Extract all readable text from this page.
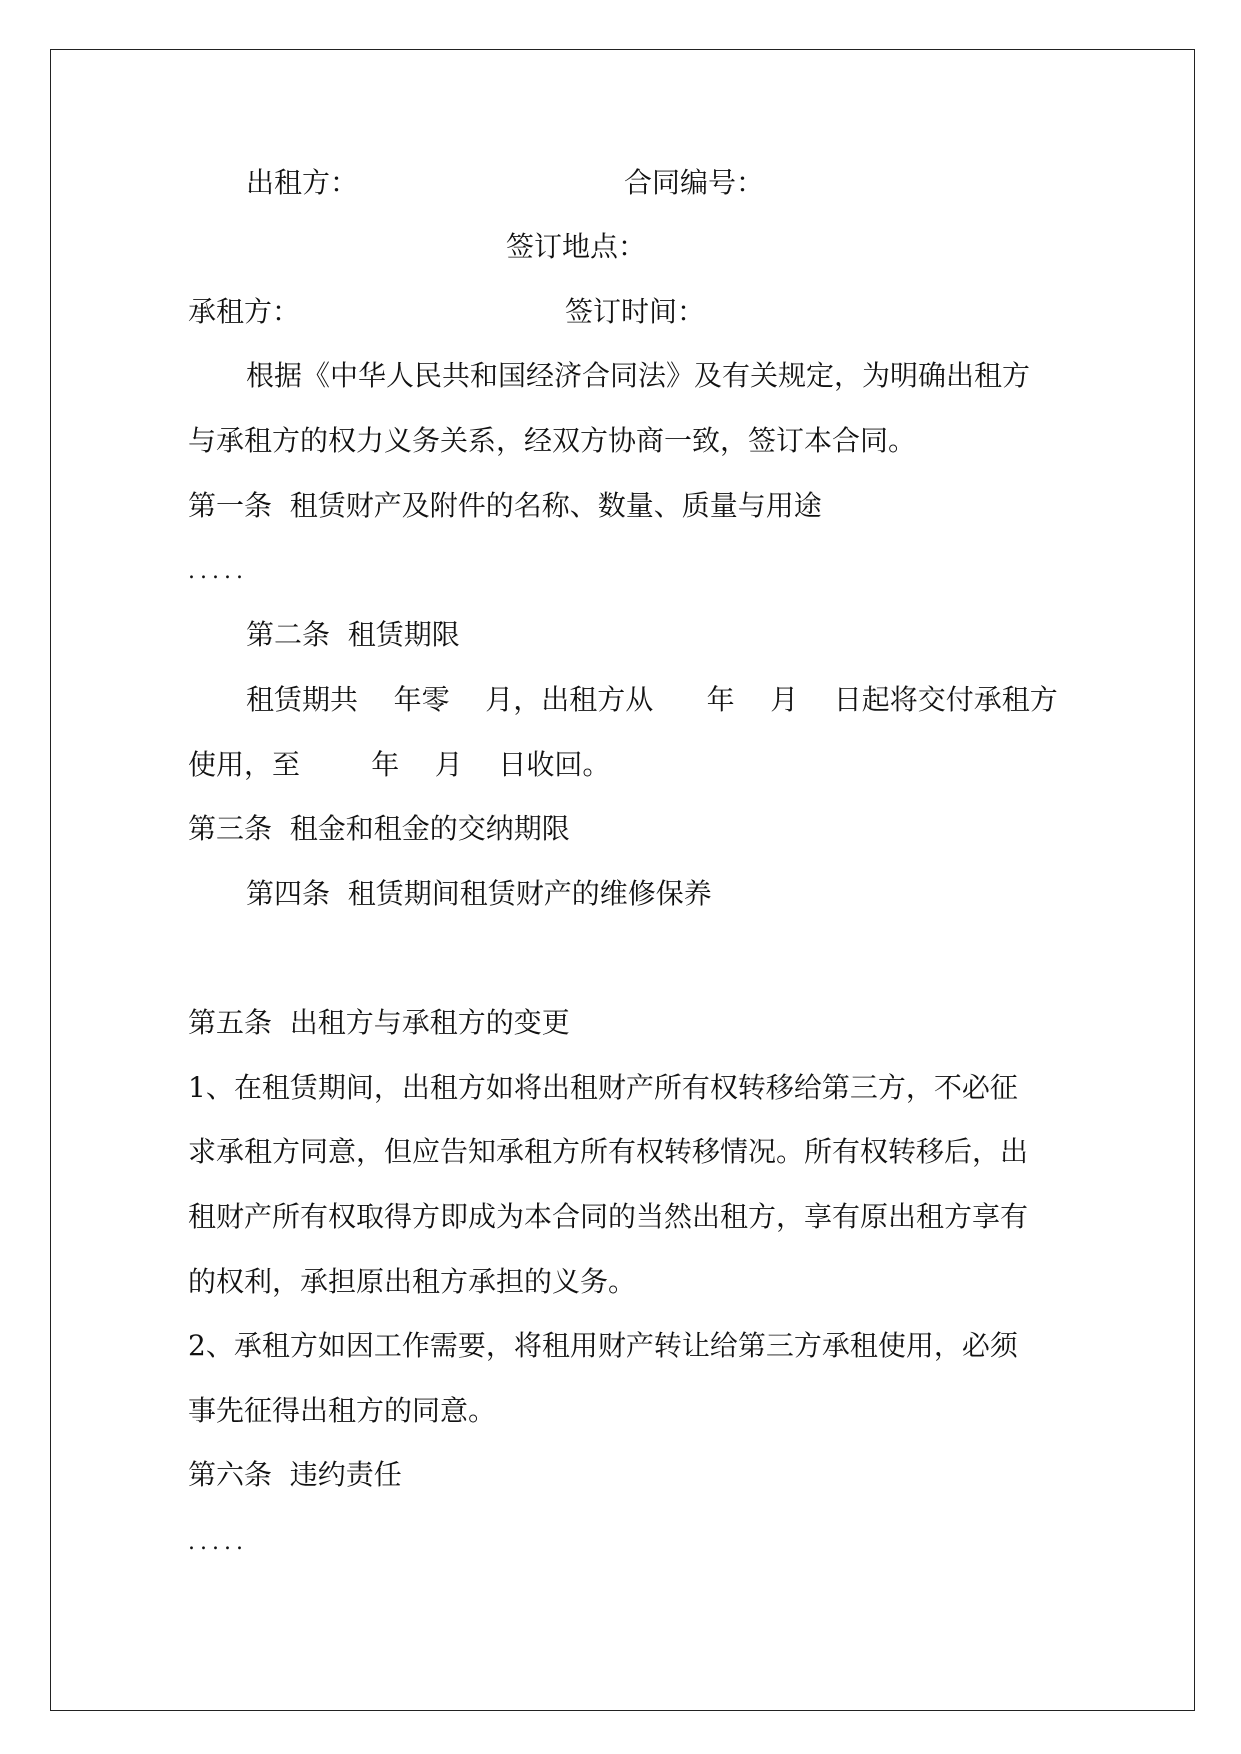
出租方：	合同编号：
签订地点：
承租方：	签订时间：
根据《中华人民共和国经济合同法》及有关规定，为明确出租方
与承租方的权力义务关系，经双方协商一致，签订本合同。
第一条  租赁财产及附件的名称、数量、质量与用途
.....
第二条  租赁期限
租赁期共    年零    月，出租方从      年    月    日起将交付承租方
使用，至        年    月    日收回。
第三条  租金和租金的交纳期限
第四条  租赁期间租赁财产的维修保养
第五条  出租方与承租方的变更
1、在租赁期间，出租方如将出租财产所有权转移给第三方，不必征
求承租方同意，但应告知承租方所有权转移情况。所有权转移后，出
租财产所有权取得方即成为本合同的当然出租方，享有原出租方享有
的权利，承担原出租方承担的义务。
2、承租方如因工作需要，将租用财产转让给第三方承租使用，必须
事先征得出租方的同意。
第六条  违约责任
.....
